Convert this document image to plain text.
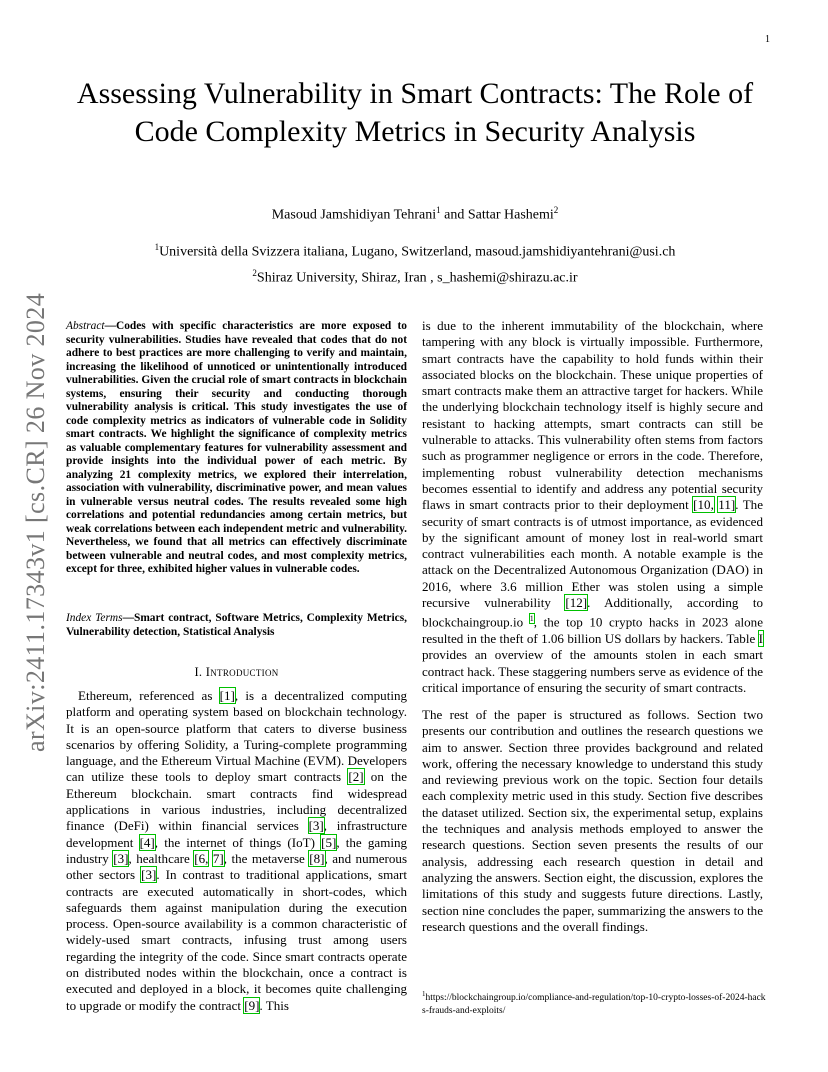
1
arXiv:2411.17343v1 [cs.CR] 26 Nov 2024
Assessing Vulnerability in Smart Contracts: The Role of Code Complexity Metrics in Security Analysis
Masoud Jamshidiyan Tehrani$^1$ and Sattar Hashemi$^2$
$^1$Università della Svizzera italiana, Lugano, Switzerland, masoud.jamshidiyantehrani@usi.ch
$^2$Shiraz University, Shiraz, Iran , s_hashemi@shirazu.ac.ir
Abstract—Codes with specific characteristics are more exposed to security vulnerabilities. Studies have revealed that codes that do not adhere to best practices are more challenging to verify and maintain, increasing the likelihood of unnoticed or unintentionally introduced vulnerabilities. Given the crucial role of smart contracts in blockchain systems, ensuring their security and conducting thorough vulnerability analysis is critical. This study investigates the use of code complexity metrics as indicators of vulnerable code in Solidity smart contracts. We highlight the significance of complexity metrics as valuable complementary features for vulnerability assessment and provide insights into the individual power of each metric. By analyzing 21 complexity metrics, we explored their interrelation, association with vulnerability, discriminative power, and mean values in vulnerable versus neutral codes. The results revealed some high correlations and potential redundancies among certain metrics, but weak correlations between each independent metric and vulnerability. Nevertheless, we found that all metrics can effectively discriminate between vulnerable and neutral codes, and most complexity metrics, except for three, exhibited higher values in vulnerable codes.
Index Terms—Smart contract, Software Metrics, Complexity Metrics, Vulnerability detection, Statistical Analysis
I. Introduction
Ethereum, referenced as [1], is a decentralized computing platform and operating system based on blockchain technology. It is an open-source platform that caters to diverse business scenarios by offering Solidity, a Turing-complete programming language, and the Ethereum Virtual Machine (EVM). Developers can utilize these tools to deploy smart contracts [2] on the Ethereum blockchain. smart contracts find widespread applications in various industries, including decentralized finance (DeFi) within financial services [3], infrastructure development [4], the internet of things (IoT) [5], the gaming industry [3], healthcare [6, 7], the metaverse [8], and numerous other sectors [3]. In contrast to traditional applications, smart contracts are executed automatically in short-codes, which safeguards them against manipulation during the execution process. Open-source availability is a common characteristic of widely-used smart contracts, infusing trust among users regarding the integrity of the code. Since smart contracts operate on distributed nodes within the blockchain, once a contract is executed and deployed in a block, it becomes quite challenging to upgrade or modify the contract [9]. This
is due to the inherent immutability of the blockchain, where tampering with any block is virtually impossible. Furthermore, smart contracts have the capability to hold funds within their associated blocks on the blockchain. These unique properties of smart contracts make them an attractive target for hackers. While the underlying blockchain technology itself is highly secure and resistant to hacking attempts, smart contracts can still be vulnerable to attacks. This vulnerability often stems from factors such as programmer negligence or errors in the code. Therefore, implementing robust vulnerability detection mechanisms becomes essential to identify and address any potential security flaws in smart contracts prior to their deployment [10, 11]. The security of smart contracts is of utmost importance, as evidenced by the significant amount of money lost in real-world smart contract vulnerabilities each month. A notable example is the attack on the Decentralized Autonomous Organization (DAO) in 2016, where 3.6 million Ether was stolen using a simple recursive vulnerability [12]. Additionally, according to blockchaingroup.io $^1$, the top 10 crypto hacks in 2023 alone resulted in the theft of 1.06 billion US dollars by hackers. Table I provides an overview of the amounts stolen in each smart contract hack. These staggering numbers serve as evidence of the critical importance of ensuring the security of smart contracts.
The rest of the paper is structured as follows. Section two presents our contribution and outlines the research questions we aim to answer. Section three provides background and related work, offering the necessary knowledge to understand this study and reviewing previous work on the topic. Section four details each complexity metric used in this study. Section five describes the dataset utilized. Section six, the experimental setup, explains the techniques and analysis methods employed to answer the research questions. Section seven presents the results of our analysis, addressing each research question in detail and analyzing the answers. Section eight, the discussion, explores the limitations of this study and suggests future directions. Lastly, section nine concludes the paper, summarizing the answers to the research questions and the overall findings.
$^1$https://blockchaingroup.io/compliance-and-regulation/top-10-crypto-losses-of-2024-hacks-frauds-and-exploits/
